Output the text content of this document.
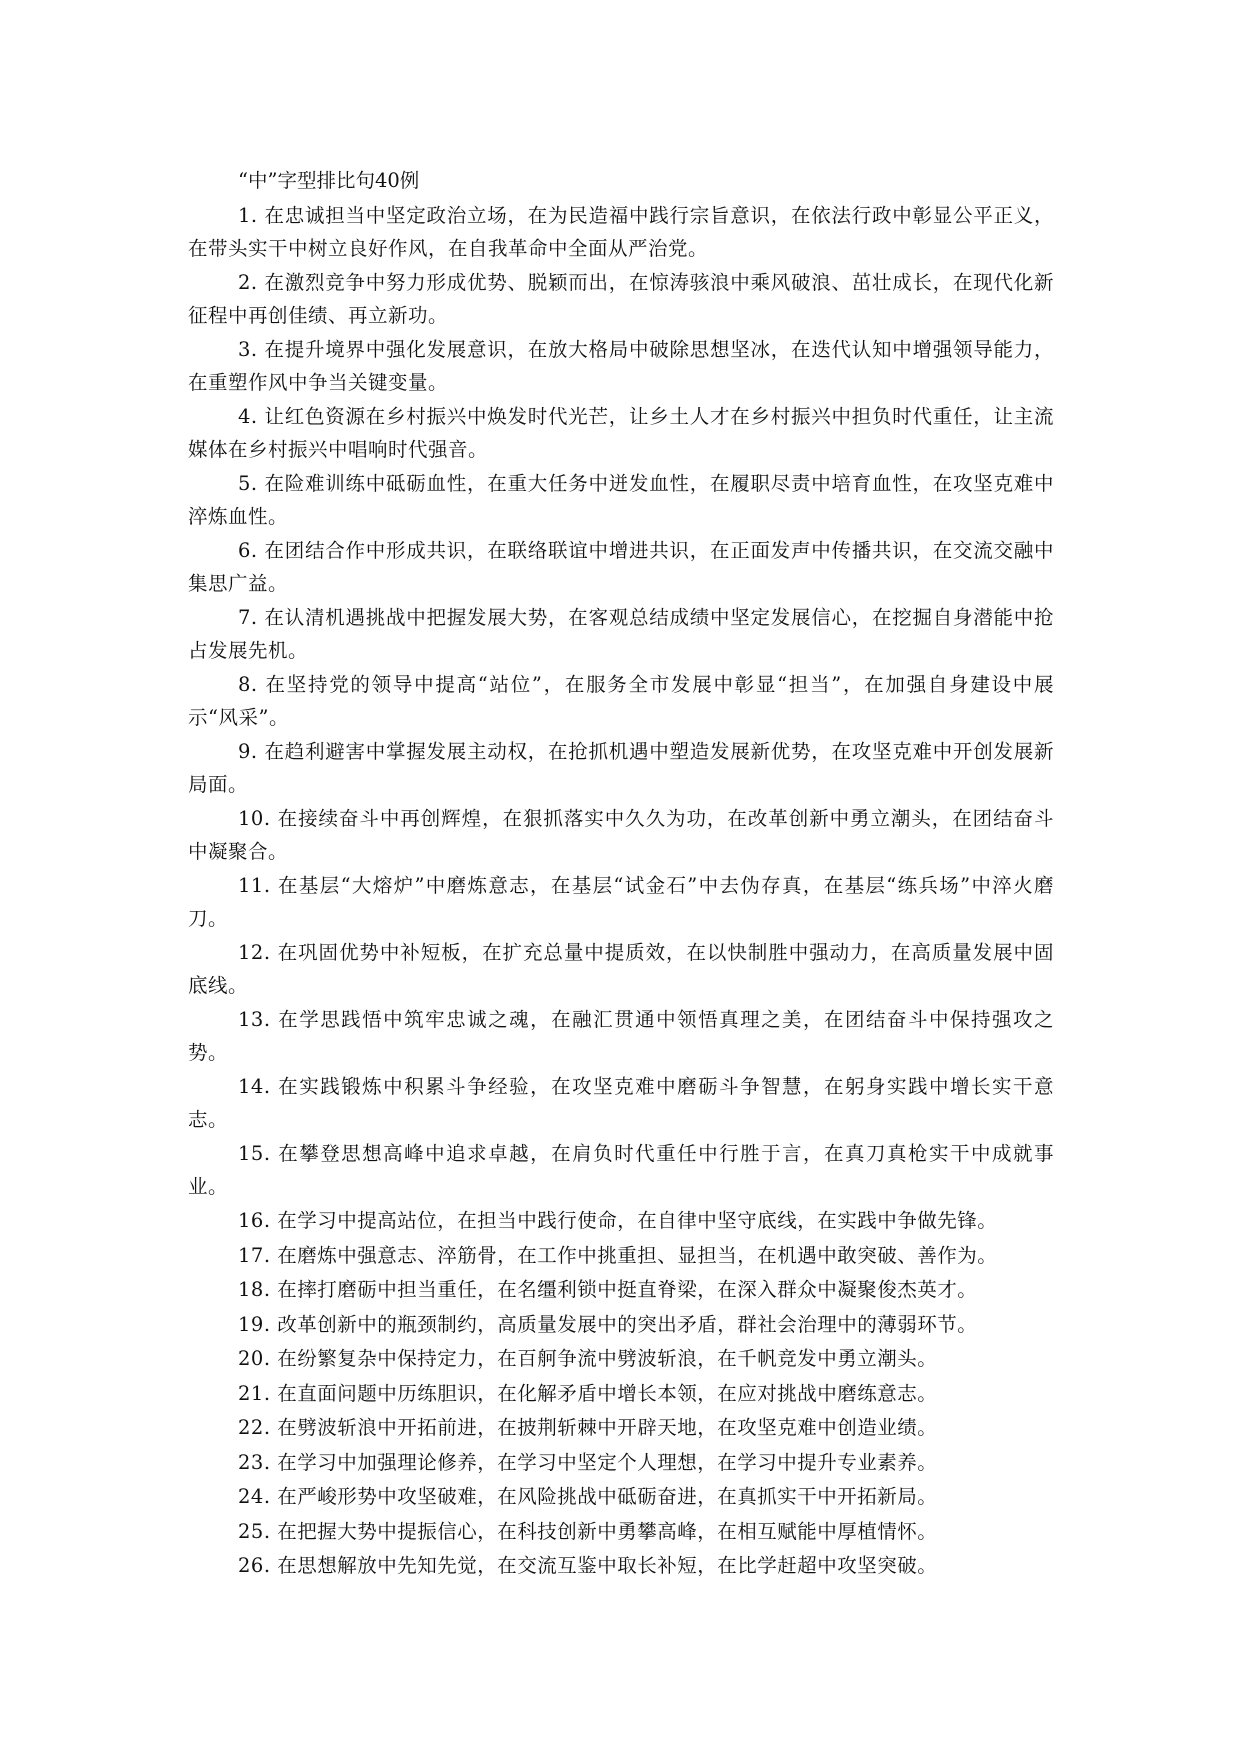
“中”字型排比句40例
1. 在忠诚担当中坚定政治立场，在为民造福中践行宗旨意识，在依法行政中彰显公平正义，在带头实干中树立良好作风，在自我革命中全面从严治党。
2. 在激烈竞争中努力形成优势、脱颖而出，在惊涛骇浪中乘风破浪、茁壮成长，在现代化新征程中再创佳绩、再立新功。
3. 在提升境界中强化发展意识，在放大格局中破除思想坚冰，在迭代认知中增强领导能力，在重塑作风中争当关键变量。
4. 让红色资源在乡村振兴中焕发时代光芒，让乡土人才在乡村振兴中担负时代重任，让主流媒体在乡村振兴中唱响时代强音。
5. 在险难训练中砥砺血性，在重大任务中迸发血性，在履职尽责中培育血性，在攻坚克难中淬炼血性。
6. 在团结合作中形成共识，在联络联谊中增进共识，在正面发声中传播共识，在交流交融中集思广益。
7. 在认清机遇挑战中把握发展大势，在客观总结成绩中坚定发展信心，在挖掘自身潜能中抢占发展先机。
8. 在坚持党的领导中提高“站位”，在服务全市发展中彰显“担当”，在加强自身建设中展示“风采”。
9. 在趋利避害中掌握发展主动权，在抢抓机遇中塑造发展新优势，在攻坚克难中开创发展新局面。
10. 在接续奋斗中再创辉煌，在狠抓落实中久久为功，在改革创新中勇立潮头，在团结奋斗中凝聚合。
11. 在基层“大熔炉”中磨炼意志，在基层“试金石”中去伪存真，在基层“练兵场”中淬火磨刀。
12. 在巩固优势中补短板，在扩充总量中提质效，在以快制胜中强动力，在高质量发展中固底线。
13. 在学思践悟中筑牢忠诚之魂，在融汇贯通中领悟真理之美，在团结奋斗中保持强攻之势。
14. 在实践锻炼中积累斗争经验，在攻坚克难中磨砺斗争智慧，在躬身实践中增长实干意志。
15. 在攀登思想高峰中追求卓越，在肩负时代重任中行胜于言，在真刀真枪实干中成就事业。
16. 在学习中提高站位，在担当中践行使命，在自律中坚守底线，在实践中争做先锋。
17. 在磨炼中强意志、淬筋骨，在工作中挑重担、显担当，在机遇中敢突破、善作为。
18. 在摔打磨砺中担当重任，在名缰利锁中挺直脊梁，在深入群众中凝聚俊杰英才。
19. 改革创新中的瓶颈制约，高质量发展中的突出矛盾，群社会治理中的薄弱环节。
20. 在纷繁复杂中保持定力，在百舸争流中劈波斩浪，在千帆竞发中勇立潮头。
21. 在直面问题中历练胆识，在化解矛盾中增长本领，在应对挑战中磨练意志。
22. 在劈波斩浪中开拓前进，在披荆斩棘中开辟天地，在攻坚克难中创造业绩。
23. 在学习中加强理论修养，在学习中坚定个人理想，在学习中提升专业素养。
24. 在严峻形势中攻坚破难，在风险挑战中砥砺奋进，在真抓实干中开拓新局。
25. 在把握大势中提振信心，在科技创新中勇攀高峰，在相互赋能中厚植情怀。
26. 在思想解放中先知先觉，在交流互鉴中取长补短，在比学赶超中攻坚突破。
